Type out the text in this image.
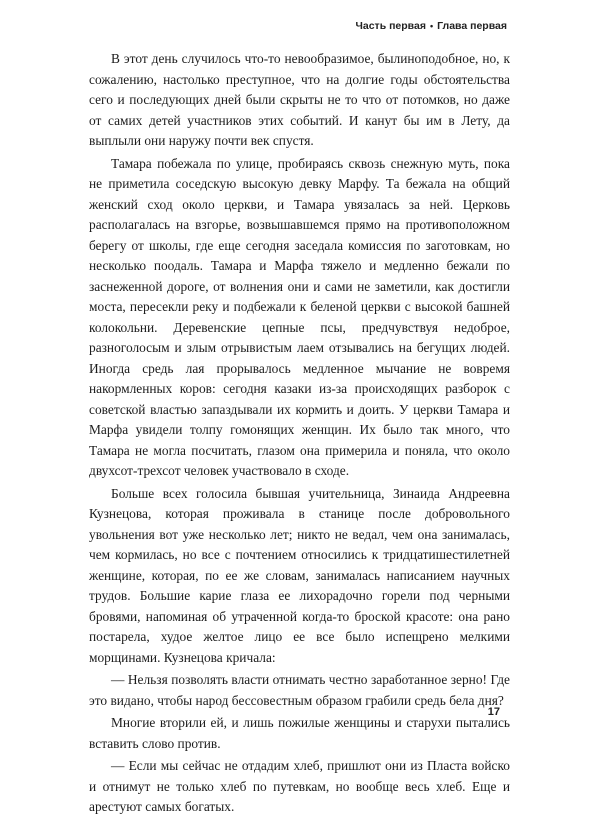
Часть первая • Глава первая

В этот день случилось что-то невообразимое, былиноподобное, но, к сожалению, настолько преступное, что на долгие годы обстоятельства сего и последующих дней были скрыты не то что от потомков, но даже от самих детей участников этих событий. И канут бы им в Лету, да выплыли они наружу почти век спустя.

Тамара побежала по улице, пробираясь сквозь снежную муть, пока не приметила соседскую высокую девку Марфу. Та бежала на общий женский сход около церкви, и Тамара увязалась за ней. Церковь располагалась на взгорье, возвышавшемся прямо на противоположном берегу от школы, где еще сегодня заседала комиссия по заготовкам, но несколько поодаль. Тамара и Марфа тяжело и медленно бежали по заснеженной дороге, от волнения они и сами не заметили, как достигли моста, пересекли реку и подбежали к беленой церкви с высокой башней колокольни. Деревенские цепные псы, предчувствуя недоброе, разноголосым и злым отрывистым лаем отзывались на бегущих людей. Иногда средь лая прорывалось медленное мычание не вовремя накормленных коров: сегодня казаки из-за происходящих разборок с советской властью запаздывали их кормить и доить. У церкви Тамара и Марфа увидели толпу гомонящих женщин. Их было так много, что Тамара не могла посчитать, глазом она примерила и поняла, что около двухсот-трехсот человек участвовало в сходе.

Больше всех голосила бывшая учительница, Зинаида Андреевна Кузнецова, которая проживала в станице после добровольного увольнения вот уже несколько лет; никто не ведал, чем она занималась, чем кормилась, но все с почтением относились к тридцатишестилетней женщине, которая, по ее же словам, занималась написанием научных трудов. Большие карие глаза ее лихорадочно горели под черными бровями, напоминая об утраченной когда-то броской красоте: она рано постарела, худое желтое лицо ее все было испещрено мелкими морщинами. Кузнецова кричала:

— Нельзя позволять власти отнимать честно заработанное зерно! Где это видано, чтобы народ бессовестным образом грабили средь бела дня?

Многие вторили ей, и лишь пожилые женщины и старухи пытались вставить слово против.

— Если мы сейчас не отдадим хлеб, пришлют они из Пласта войско и отнимут не только хлеб по путевкам, но вообще весь хлеб. Еще и арестуют самых богатых.

17
